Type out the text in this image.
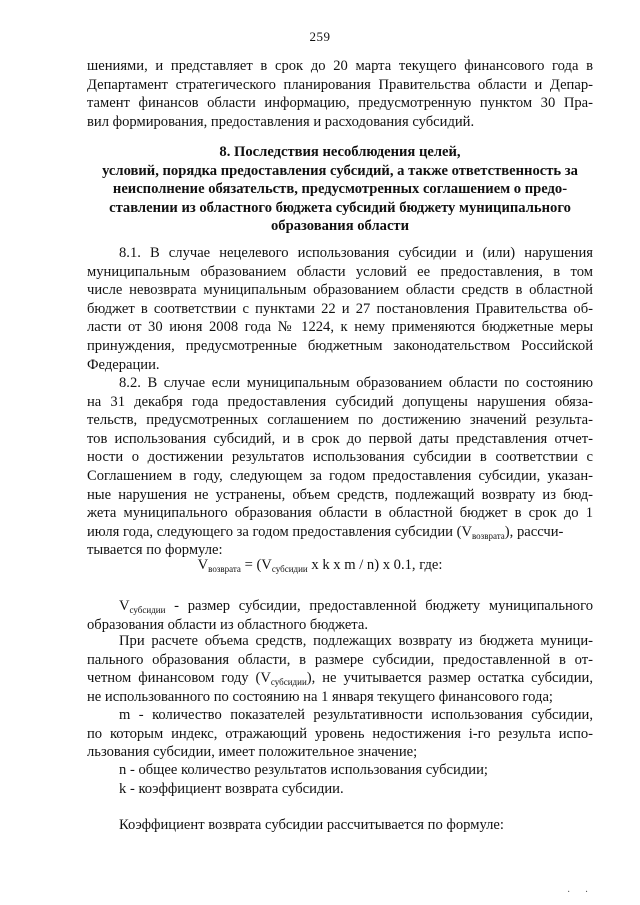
259
шениями, и представляет в срок до 20 марта текущего финансового года в
Департамент стратегического планирования Правительства области и Депар-
тамент финансов области информацию, предусмотренную пунктом 30 Пра-
вил формирования, предоставления и расходования субсидий.
8. Последствия несоблюдения целей,
условий, порядка предоставления субсидий, а также ответственность за
неисполнение обязательств, предусмотренных соглашением о предо-
ставлении из областного бюджета субсидий бюджету муниципального
образования области
8.1. В случае нецелевого использования субсидии и (или) нарушения
муниципальным образованием области условий ее предоставления, в том
числе невозврата муниципальным образованием области средств в областной
бюджет в соответствии с пунктами 22 и 27 постановления Правительства об-
ласти от 30 июня 2008 года № 1224, к нему применяются бюджетные меры
принуждения, предусмотренные бюджетным законодательством Российской
Федерации.
8.2. В случае если муниципальным образованием области по состоянию
на 31 декабря года предоставления субсидий допущены нарушения обяза-
тельств, предусмотренных соглашением по достижению значений результа-
тов использования субсидий, и в срок до первой даты представления отчет-
ности о достижении результатов использования субсидии в соответствии с
Соглашением в году, следующем за годом предоставления субсидии, указан-
ные нарушения не устранены, объем средств, подлежащий возврату из бюд-
жета муниципального образования области в областной бюджет в срок до 1
июля года, следующего за годом предоставления субсидии $(V_{возврата})$, рассчи-
тывается по формуле:
$V_{возврата} = (V_{субсидии}$ x k x m / n) x 0.1, где:
$V_{субсидии}$ - размер субсидии, предоставленной бюджету муниципального
образования области из областного бюджета.
При расчете объема средств, подлежащих возврату из бюджета муници-
пального образования области, в размере субсидии, предоставленной в от-
четном финансовом году $(V_{субсидии})$, не учитывается размер остатка субсидии,
не использованного по состоянию на 1 января текущего финансового года;
m - количество показателей результативности использования субсидии,
по которым индекс, отражающий уровень недостижения i-го результа испо-
льзования субсидии, имеет положительное значение;
n - общее количество результатов использования субсидии;
k - коэффициент возврата субсидии.
Коэффициент возврата субсидии рассчитывается по формуле:
· ·
